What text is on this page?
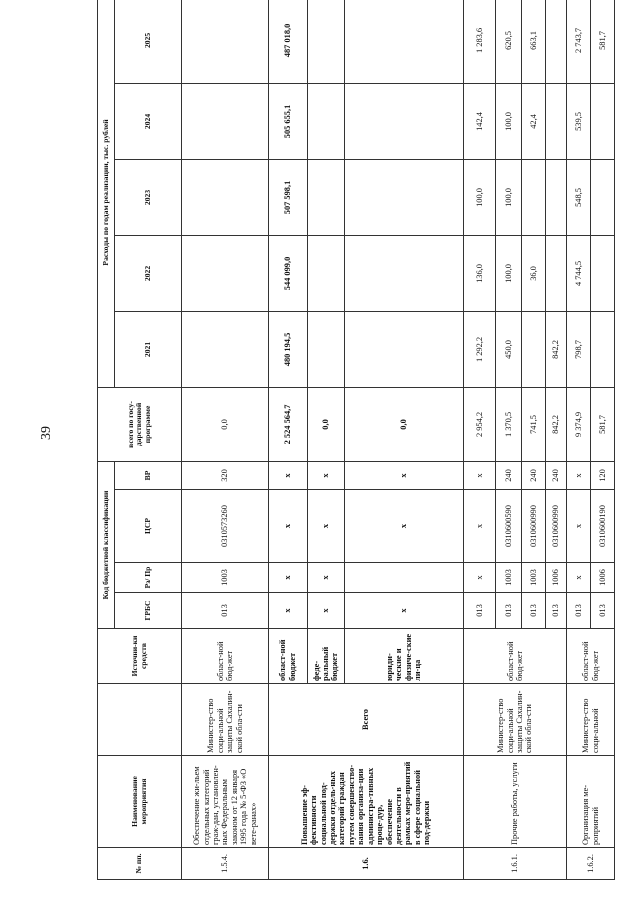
39
№ пп.	Наименование мероприятия		Источни-ки средств	Код бюджетной классификации				всего по госу-дарственной программе	Расходы по годам реализации, тыс. рублей				
				ГРБС	Рз/ Пр	ЦСР	ВР		2021	2022	2023	2024	2025
1.5.4.	Обеспечение жи-льем отдельных категорий граж-дан, установлен-ных Федеральным законом от 12 января 1995 года № 5-ФЗ «О вете-ранах»	Министер-ство соци-альной защиты Сахалин-ской обла-сти	област-ной бюд-жет	013	1003	0310573260	320	0,0					
1.6.	Повышение эф-фективности социальной под-держки отдель-ных категорий граждан путем совершенство-вания организа-ции администра-тивных проце-дур, обеспечение деятельности в рамках меро-приятий в сфере социальной под-держки	Всего	област-ной бюджет	x	x	x	x	2 524 564,7	480 194,5	544 099,0	507 598,1	505 655,1	487 018,0
			феде-ральный бюджет	x	x	x	x	0,0					
			юриди-ческие и физиче-ские ли-ца	x		x	x	0,0					
1.6.1.	Прочие работы, услуги	Министер-ство соци-альной защиты Сахалин-ской обла-сти	област-ной бюд-жет	013	x	x	x	2 954,2	1 292,2	136,0	100,0	142,4	1 283,6
				013	1003	0310600590	240	1 370,5	450,0	100,0	100,0	100,0	620,5
				013	1003	0310600990	240	741,5		36,0		42,4	663,1
				013	1006	0310600990	240	842,2	842,2				
1.6.2.	Организация ме-роприятий	Министер-ство соци-альной	област-ной бюд-жет	013	x	x	x	9 374,9	798,7	4 744,5	548,5	539,5	2 743,7
				013	1006	0310600190	120	581,7					581,7
